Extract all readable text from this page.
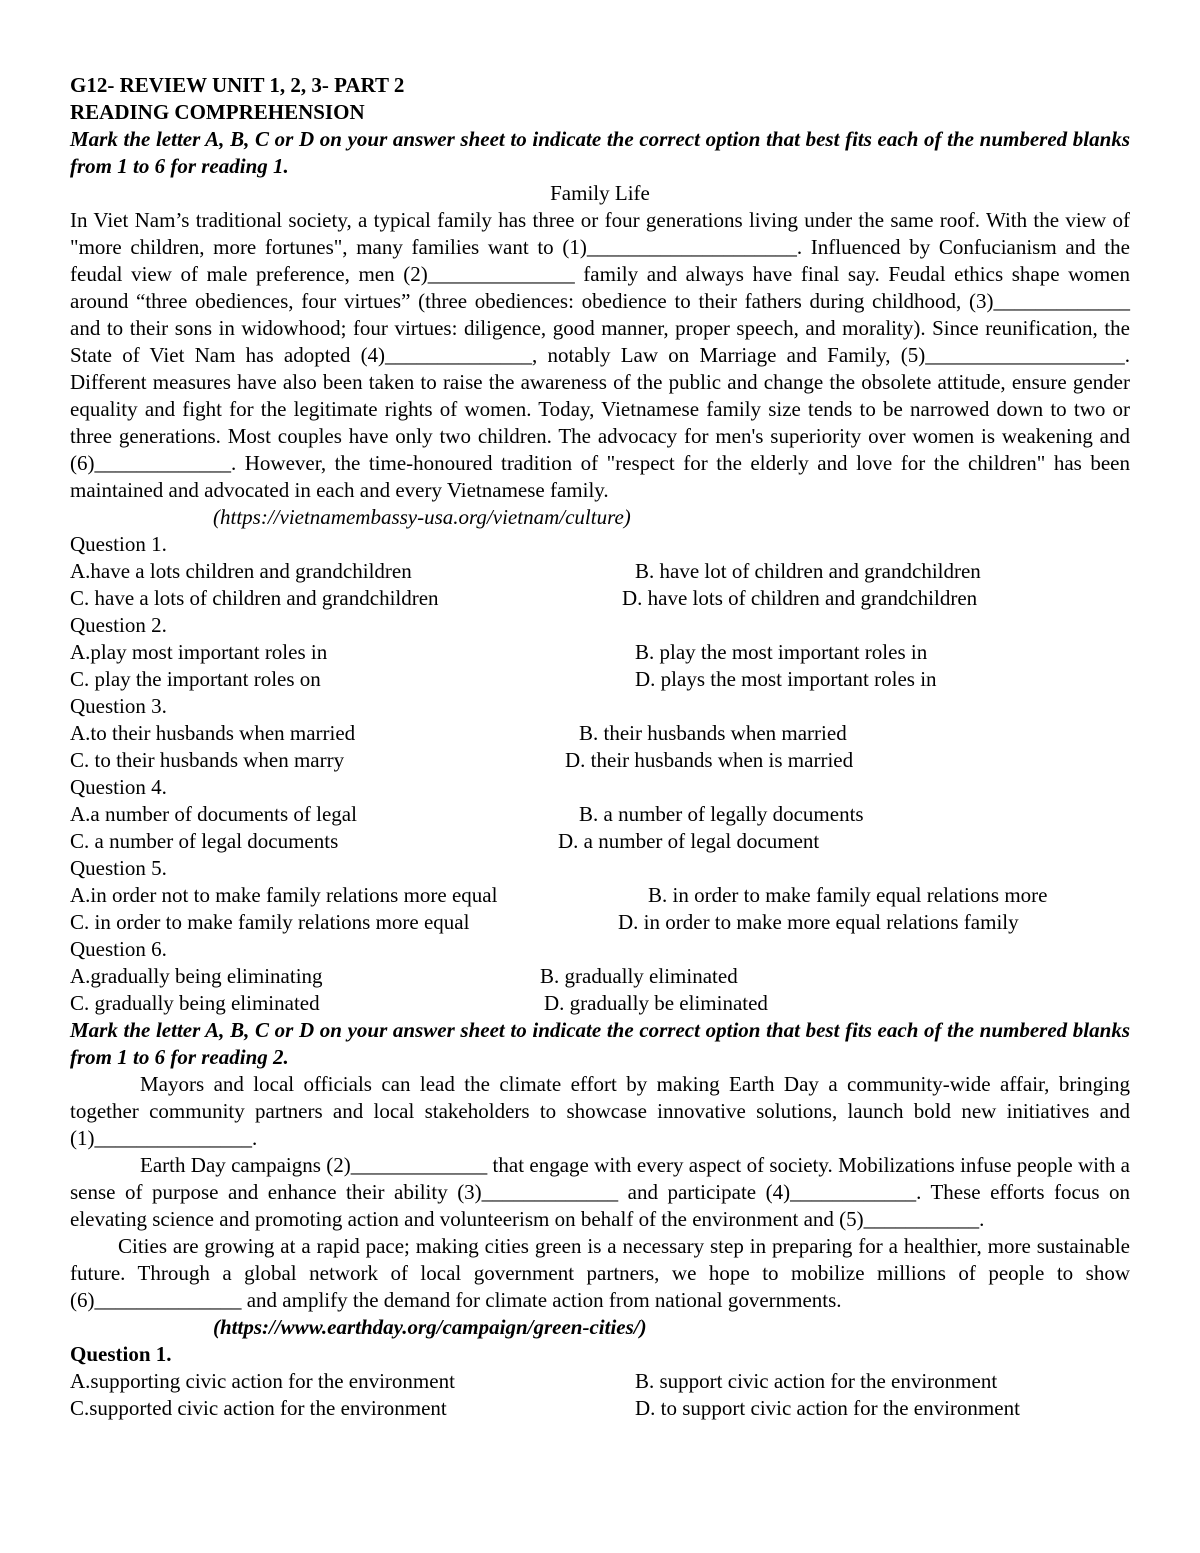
G12- REVIEW UNIT 1, 2, 3- PART 2
READING COMPREHENSION
Mark the letter A, B, C or D on your answer sheet to indicate the correct option that best fits each of the numbered blanks from 1 to 6 for reading 1.
Family Life
In Viet Nam’s traditional society, a typical family has three or four generations living under the same roof. With the view of "more children, more fortunes", many families want to (1)____________________. Influenced by Confucianism and the feudal view of male preference, men (2)______________ family and always have final say. Feudal ethics shape women around “three obediences, four virtues” (three obediences: obedience to their fathers during childhood, (3)_____________ and to their sons in widowhood; four virtues: diligence, good manner, proper speech, and morality). Since reunification, the State of Viet Nam has adopted (4)______________, notably Law on Marriage and Family, (5)___________________. Different measures have also been taken to raise the awareness of the public and change the obsolete attitude, ensure gender equality and fight for the legitimate rights of women. Today, Vietnamese family size tends to be narrowed down to two or three generations. Most couples have only two children. The advocacy for men's superiority over women is weakening and (6)_____________. However, the time-honoured tradition of "respect for the elderly and love for the children" has been maintained and advocated in each and every Vietnamese family.
(https://vietnamembassy-usa.org/vietnam/culture)
Question 1.
A.have a lots children and grandchildren	B. have lot of children and grandchildren
C. have a lots of children and grandchildren	D. have lots of children and grandchildren
Question 2.
A.play most important roles in	B. play the most important roles in
C. play the important roles on	D. plays the most important roles in
Question 3.
A.to their husbands when married	B. their husbands when married
C. to their husbands when marry	D. their husbands when is married
Question 4.
A.a number of documents of legal	B. a number of legally documents
C. a number of legal documents	D. a number of legal document
Question 5.
A.in order not to make family relations more equal	B. in order to make family equal relations more
C. in order to make family relations more equal	D. in order to make more equal relations family
Question 6.
A.gradually being eliminating	B. gradually eliminated
C. gradually being eliminated	D. gradually be eliminated
Mark the letter A, B, C or D on your answer sheet to indicate the correct option that best fits each of the numbered blanks from 1 to 6 for reading 2.
Mayors and local officials can lead the climate effort by making Earth Day a community-wide affair, bringing together community partners and local stakeholders to showcase innovative solutions, launch bold new initiatives and (1)_______________.
Earth Day campaigns (2)_____________ that engage with every aspect of society. Mobilizations infuse people with a sense of purpose and enhance their ability (3)_____________ and participate (4)____________. These efforts focus on elevating science and promoting action and volunteerism on behalf of the environment and (5)___________.
Cities are growing at a rapid pace; making cities green is a necessary step in preparing for a healthier, more sustainable future. Through a global network of local government partners, we hope to mobilize millions of people to show (6)______________ and amplify the demand for climate action from national governments.
(https://www.earthday.org/campaign/green-cities/)
Question 1.
A.supporting civic action for the environment	B. support civic action for the environment
C.supported civic action for the environment	D. to support civic action for the environment
